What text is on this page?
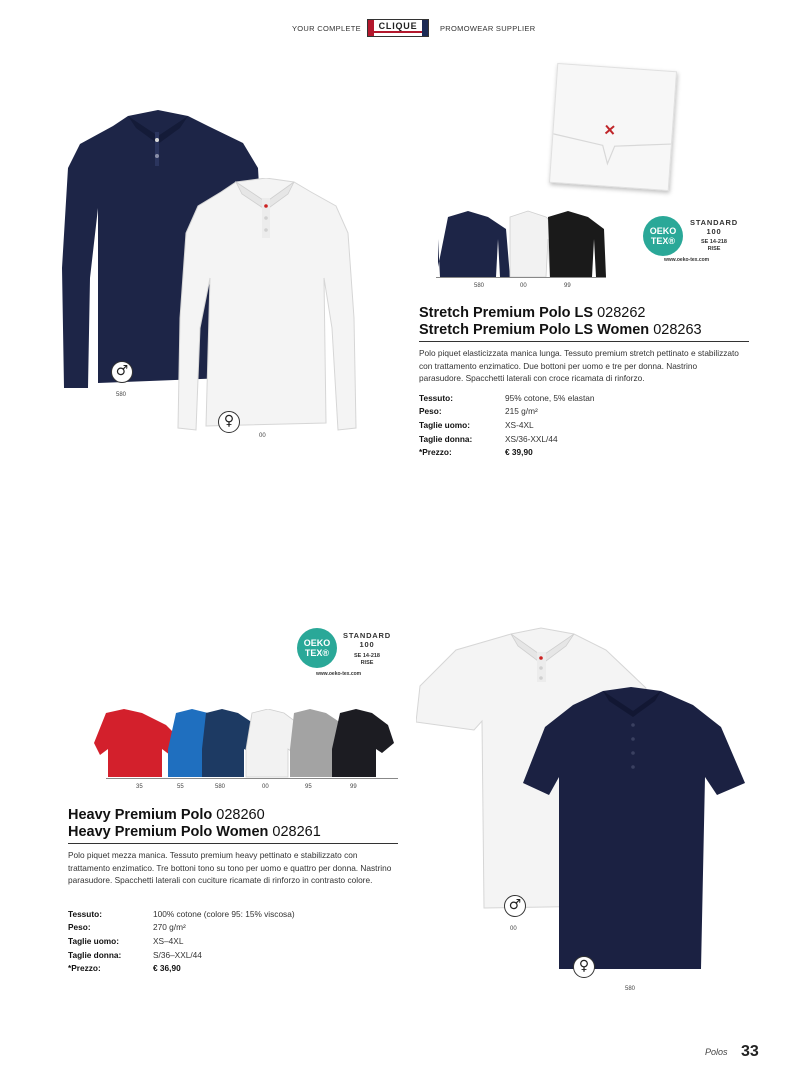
YOUR COMPLETE	CLIQUE	PROMOWEAR SUPPLIER
♂
580
♀
00
580	00	99
OEKO
TEX®
STANDARD
100
SE 14-218
RISE
www.oeko-tex.com
Stretch Premium Polo LS 028262
Stretch Premium Polo LS Women 028263
Polo piquet elasticizzata manica lunga. Tessuto premium stretch pettinato e stabilizzato con trattamento enzimatico. Due bottoni per uomo e tre per donna. Nastrino parasudore. Spacchetti laterali con croce ricamata di rinforzo.
Tessuto:	95% cotone, 5% elastan
Peso:	215 g/m²
Taglie uomo:	XS-4XL
Taglie donna:	XS/36-XXL/44
*Prezzo:	€ 39,90
OEKO
TEX®
STANDARD
100
SE 14-218
RISE
www.oeko-tex.com
35	55	580	00	95	99
♂
00
♀
580
Heavy Premium Polo 028260
Heavy Premium Polo Women 028261
Polo piquet mezza manica. Tessuto premium heavy pettinato e stabilizzato con trattamento enzimatico. Tre bottoni tono su tono per uomo e quattro per donna. Nastrino parasudore. Spacchetti laterali con cuciture ricamate di rinforzo in contrasto colore.
Tessuto:	100% cotone (colore 95: 15% viscosa)
Peso:	270 g/m²
Taglie uomo:	XS–4XL
Taglie donna:	S/36–XXL/44
*Prezzo:	€ 36,90
Polos 33
